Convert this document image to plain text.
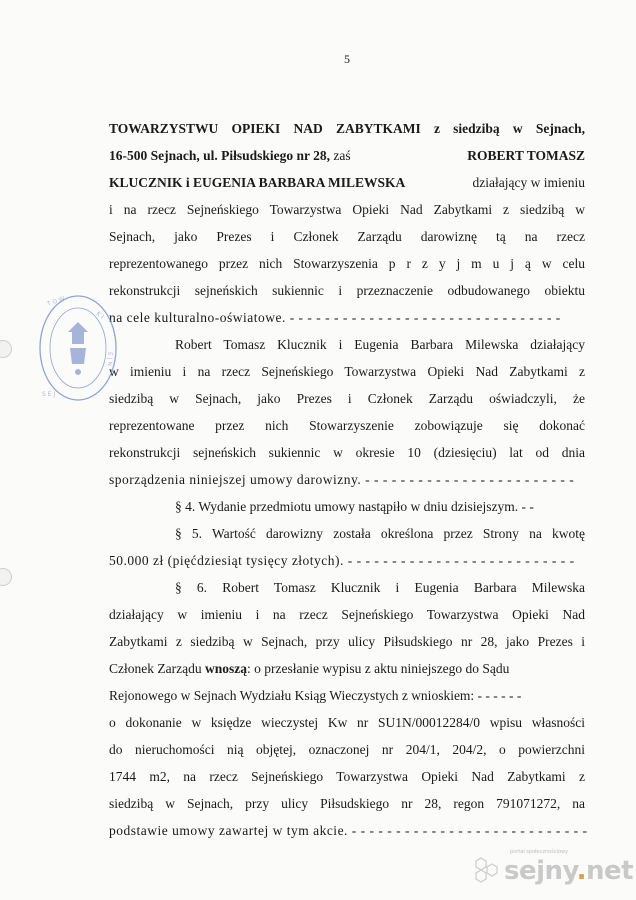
5
TOWARZYSTWU OPIEKI NAD ZABYTKAMI z siedzibą w Sejnach,
16-500 Sejnach, ul. Piłsudskiego nr 28, zaś	ROBERT TOMASZ
KLUCZNIK i EUGENIA BARBARA MILEWSKA	działający w imieniu
i na rzecz Sejneńskiego Towarzystwa Opieki Nad Zabytkami z siedzibą w
Sejnach, jako Prezes i Członek Zarządu darowiznę tą na rzecz
reprezentowanego przez nich Stowarzyszenia p r z y j m u j ą w celu
rekonstrukcji sejneńskich sukiennic i przeznaczenie odbudowanego obiektu
na cele kulturalno-oświatowe. - - - - - - - - - - - - - - - - - - - - - - - - - - - - - - -
Robert Tomasz Klucznik i Eugenia Barbara Milewska działający
w imieniu i na rzecz Sejneńskiego Towarzystwa Opieki Nad Zabytkami z
siedzibą w Sejnach, jako Prezes i Członek Zarządu oświadczyli, że
reprezentowane przez nich Stowarzyszenie zobowiązuje się dokonać
rekonstrukcji sejneńskich sukiennic w okresie 10 (dziesięciu) lat od dnia
sporządzenia niniejszej umowy darowizny. - - - - - - - - - - - - - - - - - - - - - - - -
§ 4. Wydanie przedmiotu umowy nastąpiło w dniu dzisiejszym. - -
§ 5. Wartość darowizny została określona przez Strony na kwotę
50.000 zł (pięćdziesiąt tysięcy złotych). - - - - - - - - - - - - - - - - - - - - - - - - - -
§ 6. Robert Tomasz Klucznik i Eugenia Barbara Milewska
działający w imieniu i na rzecz Sejneńskiego Towarzystwa Opieki Nad
Zabytkami z siedzibą w Sejnach, przy ulicy Piłsudskiego nr 28, jako Prezes i
Członek Zarządu wnoszą: o przesłanie wypisu z aktu niniejszego do Sądu
Rejonowego w Sejnach Wydziału Ksiąg Wieczystych z wnioskiem: - - - - - -
o dokonanie w księdze wieczystej Kw nr SU1N/00012284/0 wpisu własności
do nieruchomości nią objętej, oznaczonej nr 204/1, 204/2, o powierzchni
1744 m2, na rzecz Sejneńskiego Towarzystwa Opieki Nad Zabytkami z
siedzibą w Sejnach, przy ulicy Piłsudskiego nr 28, regon 791071272, na
podstawie umowy zawartej w tym akcie. - - - - - - - - - - - - - - - - - - - - - - - - - - -
T O W
K I
E J N
S E J
portal społecznościowy
sejny.net
